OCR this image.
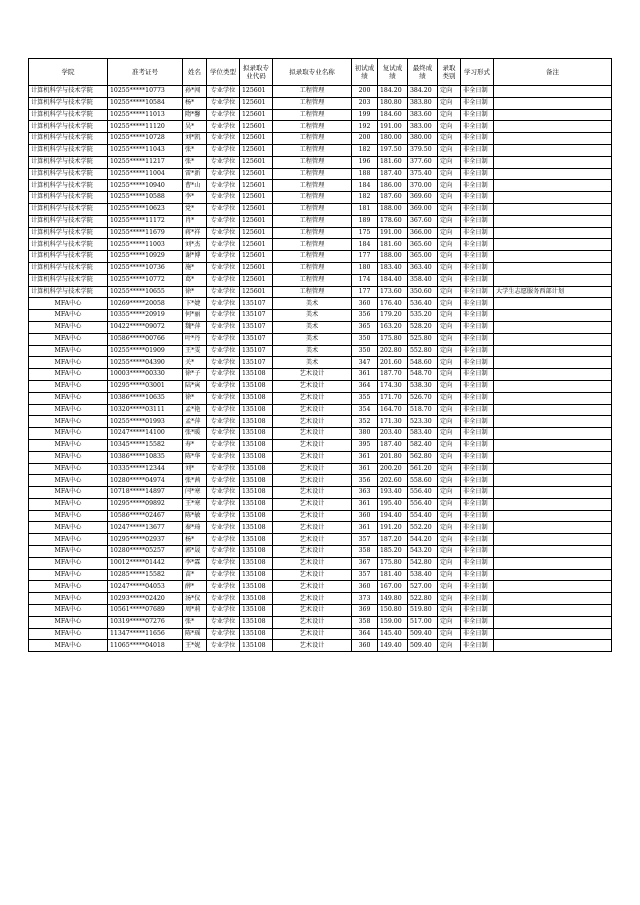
学院	准考证号	姓名	学位类型	拟录取专业代码	拟录取专业名称	初试成绩	复试成绩	最终成绩	录取类别	学习形式	备注
计算机科学与技术学院	10255*****10773	孙*闯	专业学位	125601	工程管理	200	184.20	384.20	定向	非全日制	
计算机科学与技术学院	10255*****10584	杨*	专业学位	125601	工程管理	203	180.80	383.80	定向	非全日制	
计算机科学与技术学院	10255*****11013	隋*馨	专业学位	125601	工程管理	199	184.60	383.60	定向	非全日制	
计算机科学与技术学院	10255*****11120	吴*	专业学位	125601	工程管理	192	191.00	383.00	定向	非全日制	
计算机科学与技术学院	10255*****10728	刘*凯	专业学位	125601	工程管理	200	180.00	380.00	定向	非全日制	
计算机科学与技术学院	10255*****11043	张*	专业学位	125601	工程管理	182	197.50	379.50	定向	非全日制	
计算机科学与技术学院	10255*****11217	张*	专业学位	125601	工程管理	196	181.60	377.60	定向	非全日制	
计算机科学与技术学院	10255*****11004	雷*新	专业学位	125601	工程管理	188	187.40	375.40	定向	非全日制	
计算机科学与技术学院	10255*****10940	曹*山	专业学位	125601	工程管理	184	186.00	370.00	定向	非全日制	
计算机科学与技术学院	10255*****10588	李*	专业学位	125601	工程管理	182	187.60	369.60	定向	非全日制	
计算机科学与技术学院	10255*****10623	党*	专业学位	125601	工程管理	181	188.00	369.00	定向	非全日制	
计算机科学与技术学院	10255*****11172	肖*	专业学位	125601	工程管理	189	178.60	367.60	定向	非全日制	
计算机科学与技术学院	10255*****11679	蒋*祥	专业学位	125601	工程管理	175	191.00	366.00	定向	非全日制	
计算机科学与技术学院	10255*****11003	刘*杰	专业学位	125601	工程管理	184	181.60	365.60	定向	非全日制	
计算机科学与技术学院	10255*****10929	谢*博	专业学位	125601	工程管理	177	188.00	365.00	定向	非全日制	
计算机科学与技术学院	10255*****10736	施*	专业学位	125601	工程管理	180	183.40	363.40	定向	非全日制	
计算机科学与技术学院	10255*****10772	葛*	专业学位	125601	工程管理	174	184.40	358.40	定向	非全日制	
计算机科学与技术学院	10255*****10655	徐*	专业学位	125601	工程管理	177	173.60	350.60	定向	非全日制	大学生志愿服务西部计划
MFA中心	10269*****20058	卞*婕	专业学位	135107	美术	360	176.40	536.40	定向	非全日制	
MFA中心	10355*****20919	何*丽	专业学位	135107	美术	356	179.20	535.20	定向	非全日制	
MFA中心	10422*****09072	魏*萍	专业学位	135107	美术	365	163.20	528.20	定向	非全日制	
MFA中心	10586*****00766	叶*丹	专业学位	135107	美术	350	175.80	525.80	定向	非全日制	
MFA中心	10255*****01909	王*雯	专业学位	135107	美术	350	202.80	552.80	定向	非全日制	
MFA中心	10255*****04390	关*	专业学位	135107	美术	347	201.60	548.60	定向	非全日制	
MFA中心	10003*****00330	徐*子	专业学位	135108	艺术设计	361	187.70	548.70	定向	非全日制	
MFA中心	10295*****03001	陆*寅	专业学位	135108	艺术设计	364	174.30	538.30	定向	非全日制	
MFA中心	10386*****10635	徐*	专业学位	135108	艺术设计	355	171.70	526.70	定向	非全日制	
MFA中心	10320*****03111	孟*艳	专业学位	135108	艺术设计	354	164.70	518.70	定向	非全日制	
MFA中心	10255*****01993	孟*萍	专业学位	135108	艺术设计	352	171.30	523.30	定向	非全日制	
MFA中心	10247*****14100	张*暖	专业学位	135108	艺术设计	380	203.40	583.40	定向	非全日制	
MFA中心	10345*****15582	寿*	专业学位	135108	艺术设计	395	187.40	582.40	定向	非全日制	
MFA中心	10386*****10835	陈*华	专业学位	135108	艺术设计	361	201.80	562.80	定向	非全日制	
MFA中心	10335*****12344	刘*	专业学位	135108	艺术设计	361	200.20	561.20	定向	非全日制	
MFA中心	10280*****04974	张*茜	专业学位	135108	艺术设计	356	202.60	558.60	定向	非全日制	
MFA中心	10718*****14897	闫*寒	专业学位	135108	艺术设计	363	193.40	556.40	定向	非全日制	
MFA中心	10295*****09892	王*寒	专业学位	135108	艺术设计	361	195.40	556.40	定向	非全日制	
MFA中心	10586*****02467	陈*敏	专业学位	135108	艺术设计	360	194.40	554.40	定向	非全日制	
MFA中心	10247*****13677	秦*琦	专业学位	135108	艺术设计	361	191.20	552.20	定向	非全日制	
MFA中心	10295*****02937	杨*	专业学位	135108	艺术设计	357	187.20	544.20	定向	非全日制	
MFA中心	10280*****05257	郭*晟	专业学位	135108	艺术设计	358	185.20	543.20	定向	非全日制	
MFA中心	10012*****01442	李*霖	专业学位	135108	艺术设计	367	175.80	542.80	定向	非全日制	
MFA中心	10285*****15582	苗*	专业学位	135108	艺术设计	357	181.40	538.40	定向	非全日制	
MFA中心	10247*****04053	薛*	专业学位	135108	艺术设计	360	167.00	527.00	定向	非全日制	
MFA中心	10293*****02420	汤*仪	专业学位	135108	艺术设计	373	149.80	522.80	定向	非全日制	
MFA中心	10561*****07689	周*莉	专业学位	135108	艺术设计	369	150.80	519.80	定向	非全日制	
MFA中心	10319*****07276	张*	专业学位	135108	艺术设计	358	159.00	517.00	定向	非全日制	
MFA中心	11347*****11656	陈*瑶	专业学位	135108	艺术设计	364	145.40	509.40	定向	非全日制	
MFA中心	11065*****04018	王*妮	专业学位	135108	艺术设计	360	149.40	509.40	定向	非全日制	
